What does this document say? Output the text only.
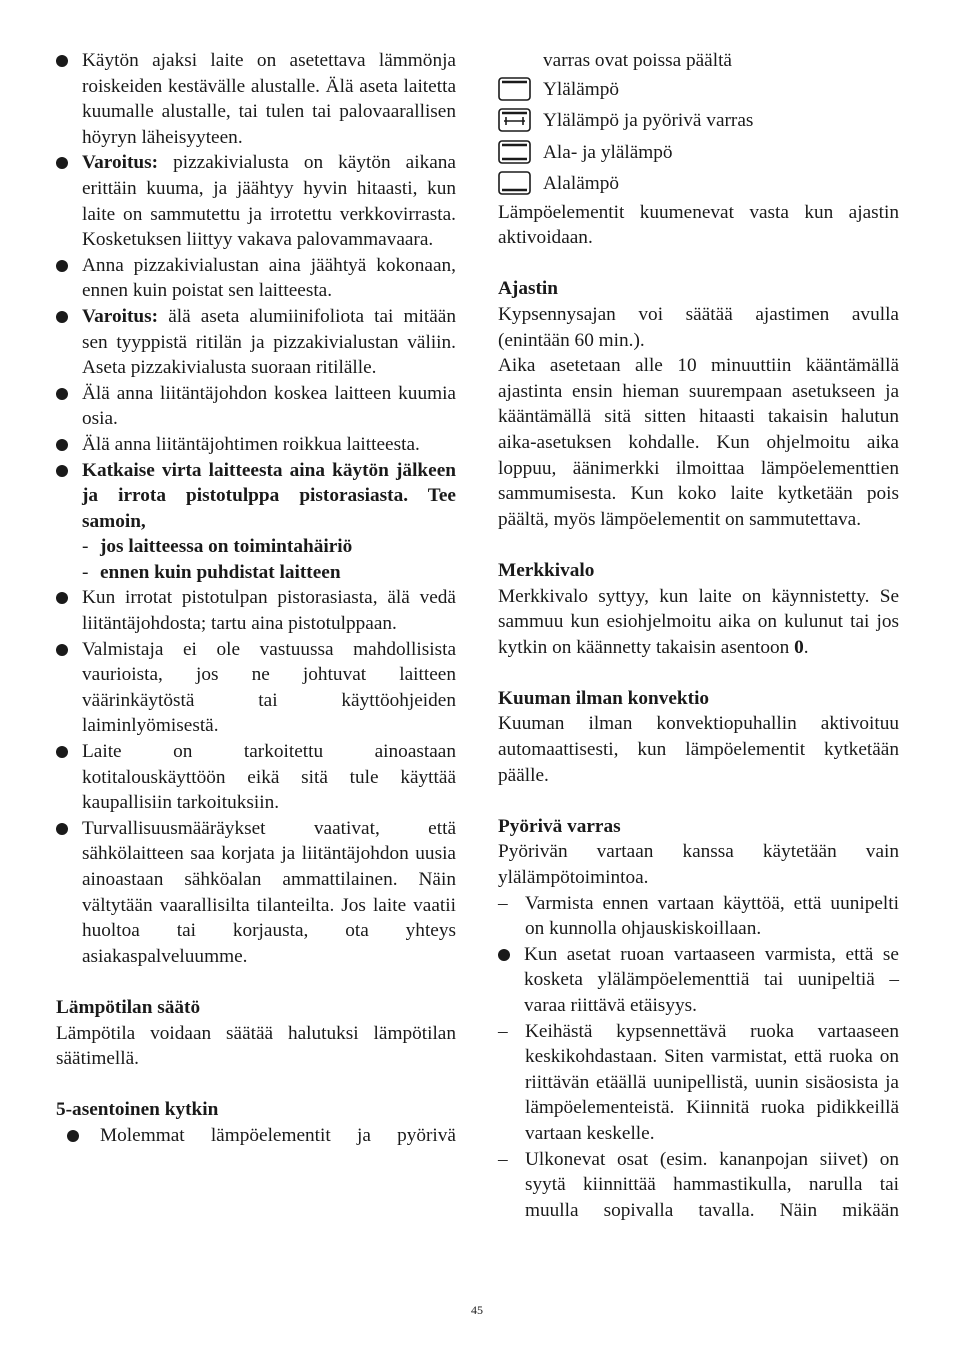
Käytön ajaksi laite on asetettava lämmönja roiskeiden kestävälle alustalle. Älä aseta laitetta kuumalle alustalle, tai tulen tai palovaarallisen höyryn läheisyyteen.

Varoitus: pizzakivialusta on käytön aikana erittäin kuuma, ja jäähtyy hyvin hitaasti, kun laite on sammutettu ja irrotettu verkkovirrasta. Kosketuksen liittyy vakava palovammavaara.

Anna pizzakivialustan aina jäähtyä kokonaan, ennen kuin poistat sen laitteesta.

Varoitus: älä aseta alumiinifoliota tai mitään sen tyyppistä ritilän ja pizzakivialustan väliin. Aseta pizzakivialusta suoraan ritilälle.

Älä anna liitäntäjohdon koskea laitteen kuumia osia.

Älä anna liitäntäjohtimen roikkua laitteesta.

Katkaise virta laitteesta aina käytön jälkeen ja irrota pistotulppa pistorasiasta. Tee samoin,

- jos laitteessa on toimintahäiriö

- ennen kuin puhdistat laitteen

Kun irrotat pistotulpan pistorasiasta, älä vedä liitäntäjohdosta; tartu aina pistotulppaan.

Valmistaja ei ole vastuussa mahdollisista vaurioista, jos ne johtuvat laitteen väärinkäytöstä tai käyttöohjeiden laiminlyömisestä.

Laite on tarkoitettu ainoastaan kotitalouskäyttöön eikä sitä tule käyttää kaupallisiin tarkoituksiin.

Turvallisuusmääräykset vaativat, että sähkölaitteen saa korjata ja liitäntäjohdon uusia ainoastaan sähköalan ammattilainen. Näin vältytään vaarallisilta tilanteilta. Jos laite vaatii huoltoa tai korjausta, ota yhteys asiakaspalveluumme.

Lämpötilan säätö

Lämpötila voidaan säätää halutuksi lämpötilan säätimellä.

5-asentoinen kytkin

Molemmat lämpöelementit ja pyörivä

varras ovat poissa päältä

Ylälämpö
Ylälämpö ja pyörivä varras
Ala- ja ylälämpö
Alalämpö

Lämpöelementit kuumenevat vasta kun ajastin aktivoidaan.

Ajastin

Kypsennysajan voi säätää ajastimen avulla (enintään 60 min.).

Aika asetetaan alle 10 minuuttiin kääntämällä ajastinta ensin hieman suurempaan asetukseen ja kääntämällä sitä sitten hitaasti takaisin halutun aika-asetuksen kohdalle. Kun ohjelmoitu aika loppuu, äänimerkki ilmoittaa lämpöelementtien sammumisesta. Kun koko laite kytketään pois päältä, myös lämpöelementit on sammutettava.

Merkkivalo

Merkkivalo syttyy, kun laite on käynnistetty. Se sammuu kun esiohjelmoitu aika on kulunut tai jos kytkin on käännetty takaisin asentoon 0.

Kuuman ilman konvektio

Kuuman ilman konvektiopuhallin aktivoituu automaattisesti, kun lämpöelementit kytketään päälle.

Pyörivä varras

Pyörivän vartaan kanssa käytetään vain ylälämpötoimintoa.

– Varmista ennen vartaan käyttöä, että uunipelti on kunnolla ohjauskiskoillaan.

Kun asetat ruoan vartaaseen varmista, että se kosketa ylälämpöelementtiä tai uunipeltiä – varaa riittävä etäisyys.

– Keihästä kypsennettävä ruoka vartaaseen keskikohdastaan. Siten varmistat, että ruoka on riittävän etäällä uunipellistä, uunin sisäosista ja lämpöelementeistä. Kiinnitä ruoka pidikkeillä vartaan keskelle.

– Ulkonevat osat (esim. kananpojan siivet) on syytä kiinnittää hammastikulla, narulla tai muulla sopivalla tavalla. Näin mikään

45
